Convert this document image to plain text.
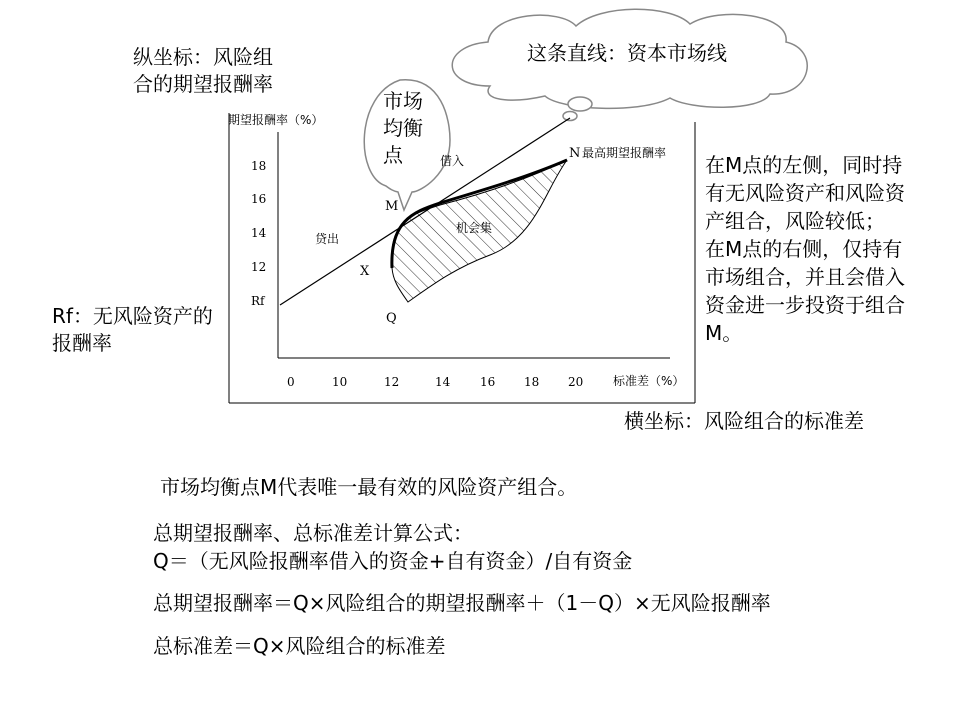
纵坐标：风险组
合的期望报酬率
18
16
14
12
Rf
0	10	12	14 16 18 20
期望报酬率（%）
标准差（%）
贷出
借入
机会集
最高期望报酬率
M
N
X
Q
这条直线：资本市场线
市场
均衡
点
Rf：无风险资产的
报酬率
在M点的左侧，同时持
有无风险资产和风险资
产组合，风险较低；
在M点的右侧，仅持有
市场组合，并且会借入
资金进一步投资于组合
M。
横坐标：风险组合的标准差
市场均衡点M代表唯一最有效的风险资产组合。
总期望报酬率、总标准差计算公式：
Q＝（无风险报酬率借入的资金+自有资金）/自有资金
总期望报酬率＝Q×风险组合的期望报酬率＋（1－Q）×无风险报酬率
总标准差＝Q×风险组合的标准差
